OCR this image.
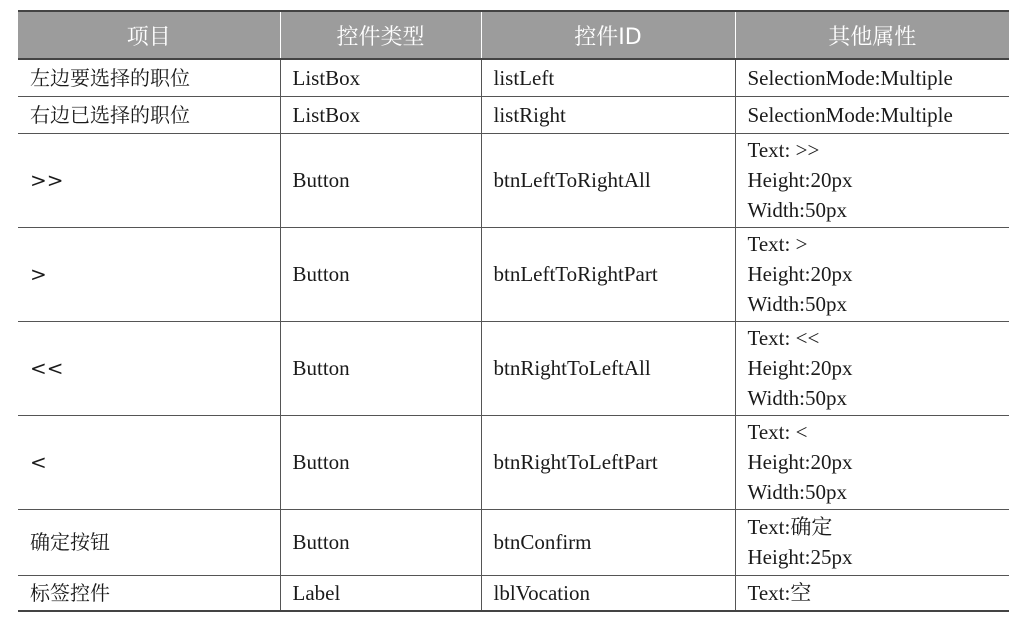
项目	控件类型	控件ID	其他属性
左边要选择的职位	ListBox	listLeft	SelectionMode:Multiple

右边已选择的职位	ListBox	listRight	SelectionMode:Multiple

>>	Button	btnLeftToRightAll	Text: >>
Height:20px
Width:50px

>	Button	btnLeftToRightPart	Text: >
Height:20px
Width:50px

<<	Button	btnRightToLeftAll	Text: <<
Height:20px
Width:50px

<	Button	btnRightToLeftPart	Text: <
Height:20px
Width:50px

确定按钮	Button	btnConfirm	Text:确定
Height:25px

标签控件	Label	lblVocation	Text:空
